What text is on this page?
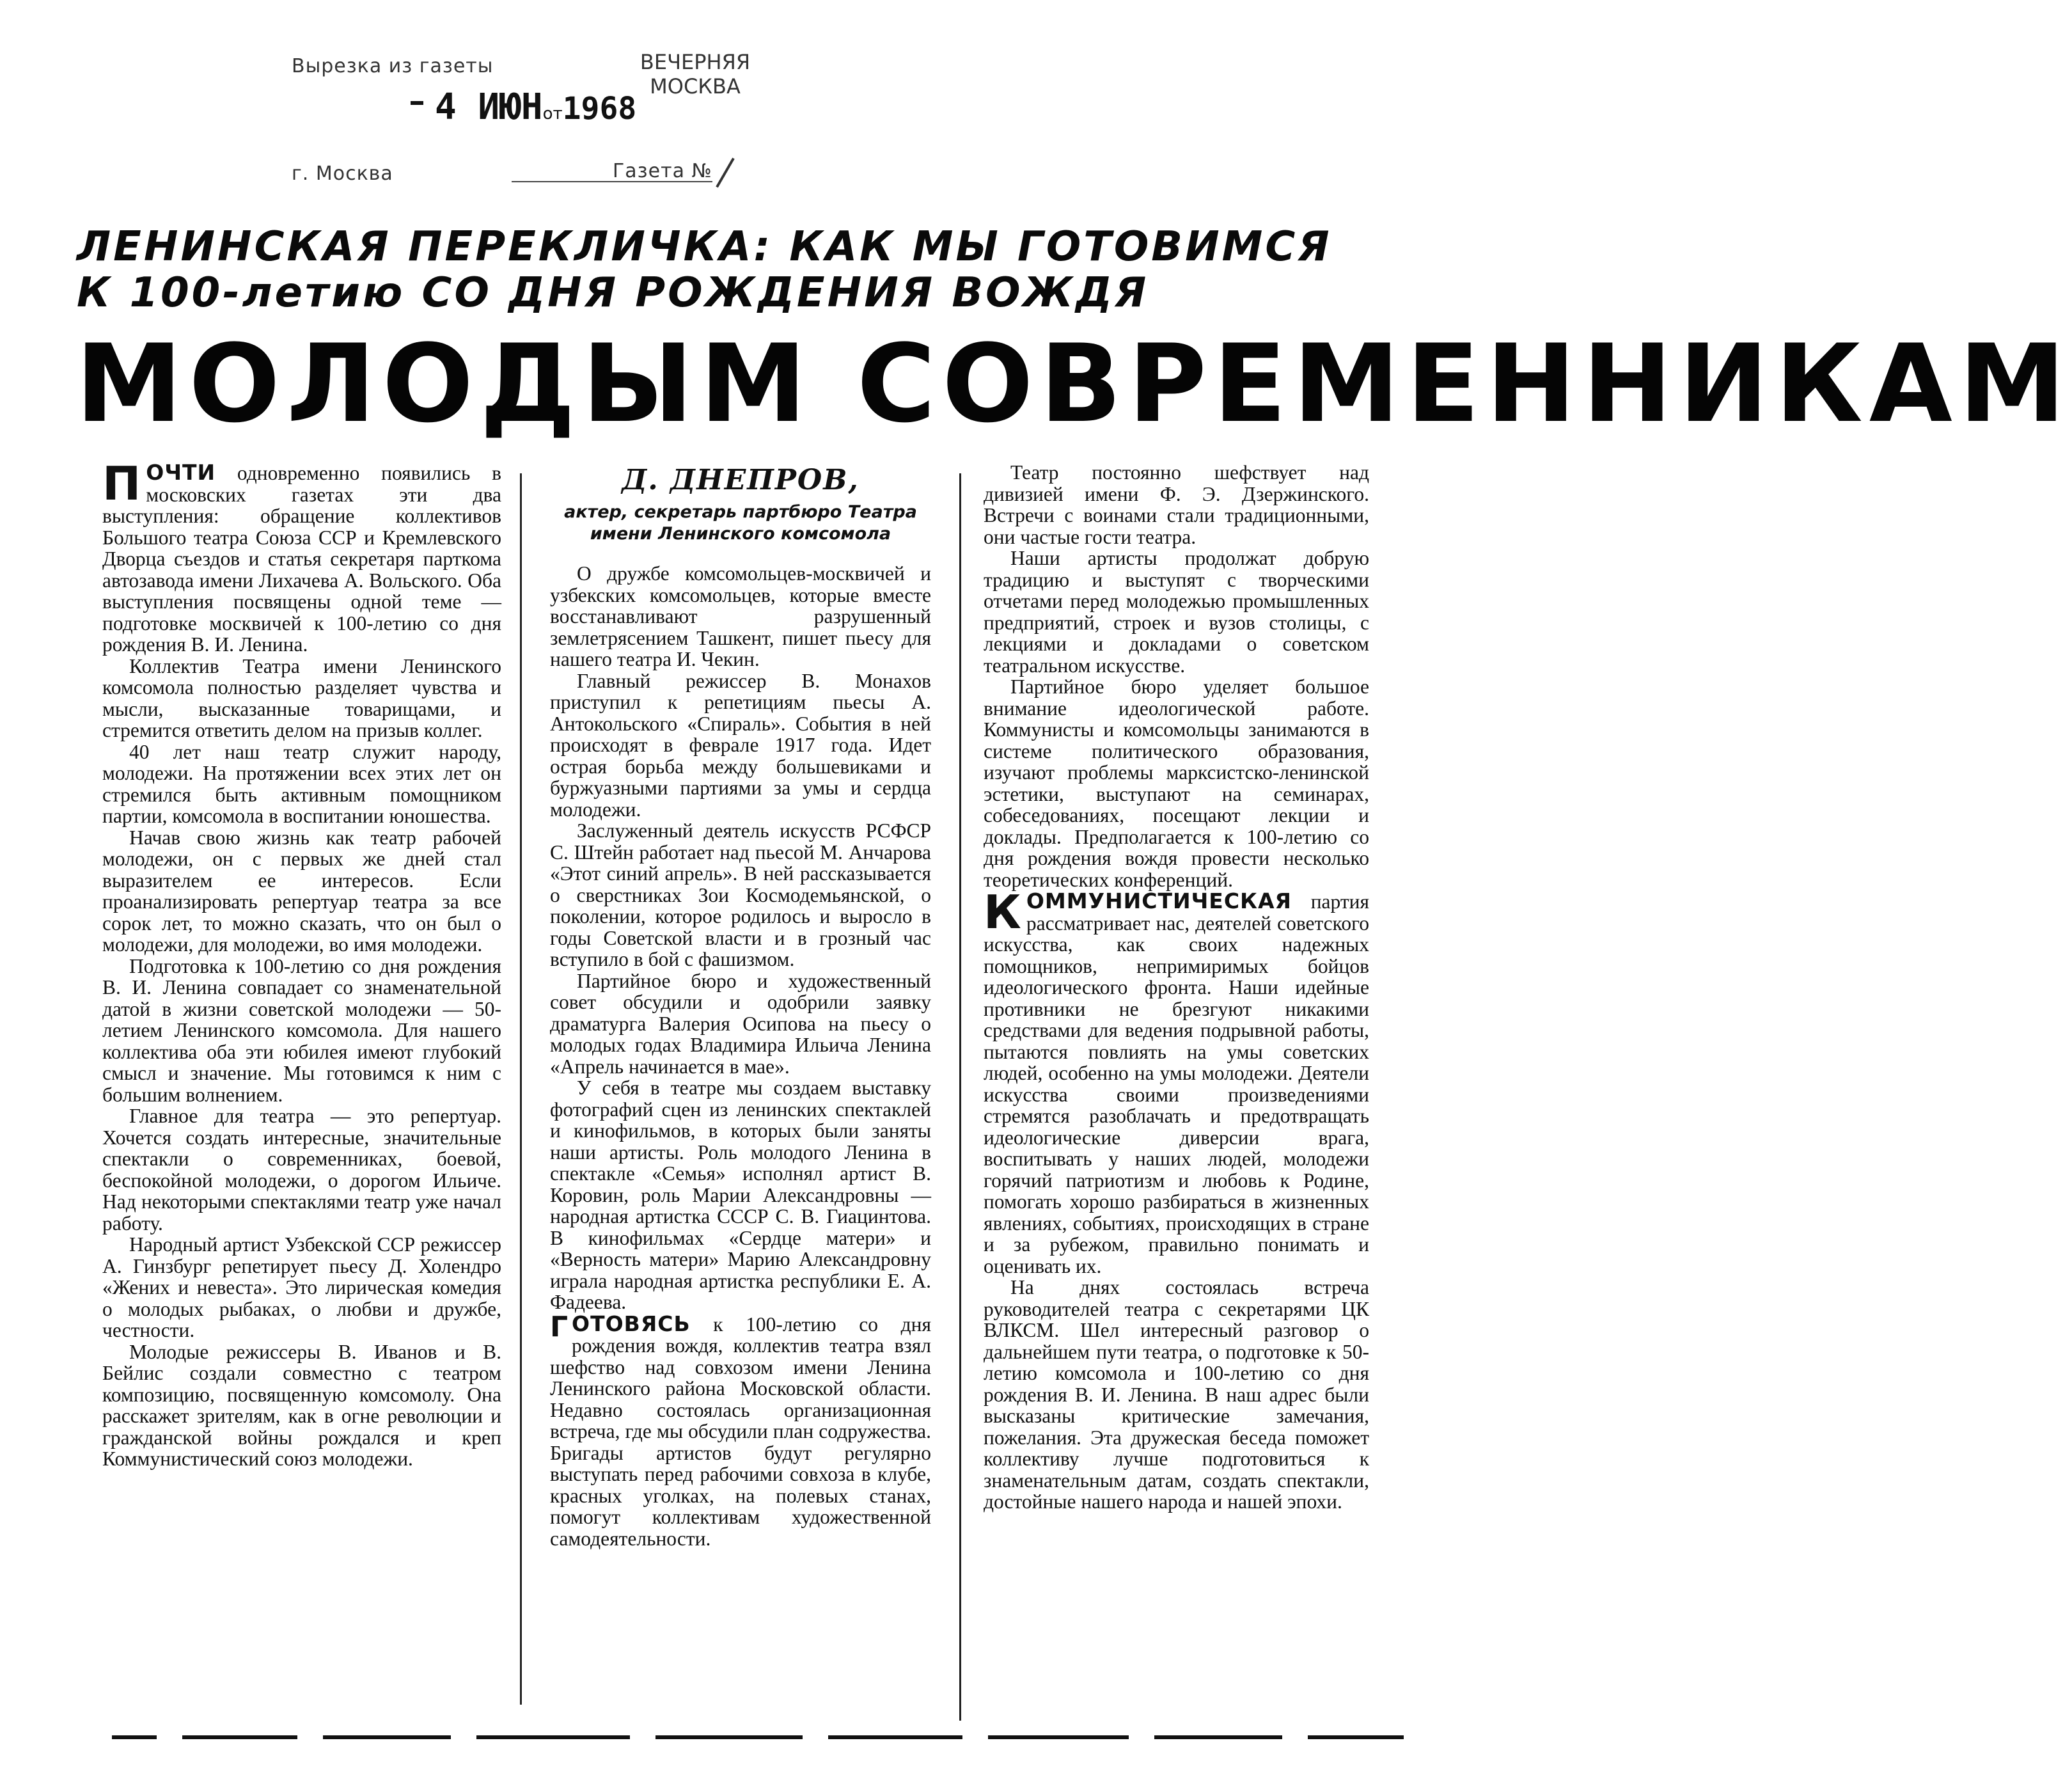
Вырезка из газеты	ВЕЧЕРНЯЯ МОСКВА
4 ИЮНот1968
г. Москва	Газета №
ЛЕНИНСКАЯ ПЕРЕКЛИЧКА: КАК МЫ ГОТОВИМСЯ
К 100-летию СО ДНЯ РОЖДЕНИЯ ВОЖДЯ
МОЛОДЫМ СОВРЕМЕННИКАМ

ПОЧТИ одновременно появились в московских газетах эти два выступления: обращение коллективов Большого театра Союза ССР и Кремлевского Дворца съездов и статья секретаря парткома автозавода имени Лихачева А. Вольского. Оба выступления посвящены одной теме — подготовке москвичей к 100-летию со дня рождения В. И. Ленина.

Коллектив Театра имени Ленинского комсомола полностью разделяет чувства и мысли, высказанные товарищами, и стремится ответить делом на призыв коллег.

40 лет наш театр служит народу, молодежи. На протяжении всех этих лет он стремился быть активным помощником партии, комсомола в воспитании юношества.

Начав свою жизнь как театр рабочей молодежи, он с первых же дней стал выразителем ее интересов. Если проанализировать репертуар театра за все сорок лет, то можно сказать, что он был о молодежи, для молодежи, во имя молодежи.

Подготовка к 100-летию со дня рождения В. И. Ленина совпадает со знаменательной датой в жизни советской молодежи — 50-летием Ленинского комсомола. Для нашего коллектива оба эти юбилея имеют глубокий смысл и значение. Мы готовимся к ним с большим волнением.

Главное для театра — это репертуар. Хочется создать интересные, значительные спектакли о современниках, боевой, беспокойной молодежи, о дорогом Ильиче. Над некоторыми спектаклями театр уже начал работу.

Народный артист Узбекской ССР режиссер А. Гинзбург репетирует пьесу Д. Холендро «Жених и невеста». Это лирическая комедия о молодых рыбаках, о любви и дружбе, честности.

Молодые режиссеры В. Иванов и В. Бейлис создали совместно с театром композицию, посвященную комсомолу. Она расскажет зрителям, как в огне революции и гражданской войны рождался и креп Коммунистический союз молодежи.

Д. ДНЕПРОВ,
актер, секретарь партбюро Театра имени Ленинского комсомола

О дружбе комсомольцев-москвичей и узбекских комсомольцев, которые вместе восстанавливают разрушенный землетрясением Ташкент, пишет пьесу для нашего театра И. Чекин.

Главный режиссер В. Монахов приступил к репетициям пьесы А. Антокольского «Спираль». События в ней происходят в феврале 1917 года. Идет острая борьба между большевиками и буржуазными партиями за умы и сердца молодежи.

Заслуженный деятель искусств РСФСР С. Штейн работает над пьесой М. Анчарова «Этот синий апрель». В ней рассказывается о сверстниках Зои Космодемьянской, о поколении, которое родилось и выросло в годы Советской власти и в грозный час вступило в бой с фашизмом.

Партийное бюро и художественный совет обсудили и одобрили заявку драматурга Валерия Осипова на пьесу о молодых годах Владимира Ильича Ленина «Апрель начинается в мае».

У себя в театре мы создаем выставку фотографий сцен из ленинских спектаклей и кинофильмов, в которых были заняты наши артисты. Роль молодого Ленина в спектакле «Семья» исполнял артист В. Коровин, роль Марии Александровны — народная артистка СССР С. В. Гиацинтова. В кинофильмах «Сердце матери» и «Верность матери» Марию Александровну играла народная артистка республики Е. А. Фадеева.

Г ОТОВЯСЬ к 100-летию со дня рождения вождя, коллектив театра взял шефство над совхозом имени Ленина Ленинского района Московской области. Недавно состоялась организационная встреча, где мы обсудили план содружества. Бригады артистов будут регулярно выступать перед рабочими совхоза в клубе, красных уголках, на полевых станах, помогут коллективам художественной самодеятельности.

Театр постоянно шефствует над дивизией имени Ф. Э. Дзержинского. Встречи с воинами стали традиционными, они частые гости театра.

Наши артисты продолжат добрую традицию и выступят с творческими отчетами перед молодежью промышленных предприятий, строек и вузов столицы, с лекциями и докладами о советском театральном искусстве.

Партийное бюро уделяет большое внимание идеологической работе. Коммунисты и комсомольцы занимаются в системе политического образования, изучают проблемы марксистско-ленинской эстетики, выступают на семинарах, собеседованиях, посещают лекции и доклады. Предполагается к 100-летию со дня рождения вождя провести несколько теоретических конференций.

КОММУНИСТИЧЕСКАЯ партия рассматривает нас, деятелей советского искусства, как своих надежных помощников, непримиримых бойцов идеологического фронта. Наши идейные противники не брезгуют никакими средствами для ведения подрывной работы, пытаются повлиять на умы советских людей, особенно на умы молодежи. Деятели искусства своими произведениями стремятся разоблачать и предотвращать идеологические диверсии врага, воспитывать у наших людей, молодежи горячий патриотизм и любовь к Родине, помогать хорошо разбираться в жизненных явлениях, событиях, происходящих в стране и за рубежом, правильно понимать и оценивать их.

На днях состоялась встреча руководителей театра с секретарями ЦК ВЛКСМ. Шел интересный разговор о дальнейшем пути театра, о подготовке к 50-летию комсомола и 100-летию со дня рождения В. И. Ленина. В наш адрес были высказаны критические замечания, пожелания. Эта дружеская беседа поможет коллективу лучше подготовиться к знаменательным датам, создать спектакли, достойные нашего народа и нашей эпохи.
